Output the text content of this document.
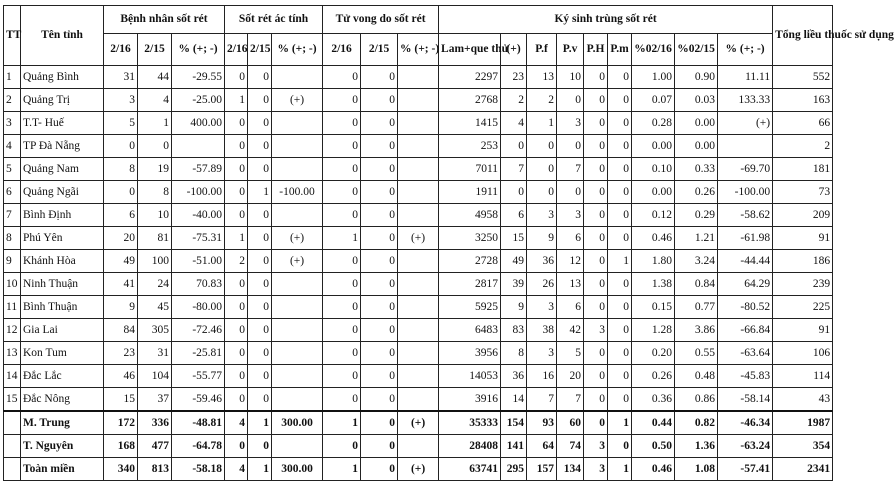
TT	Tên tỉnh	Bệnh nhân sốt rét			Sốt rét ác tính			Tử vong do sốt rét			Ký sinh trùng sốt rét									Tổng liều thuốc sử dụng
		2/16	2/15	% (+; -)	2/16	2/15	% (+; -)	2/16	2/15	% (+; -)	Lam+que thử	(+)	P.f	P.v	P.H	P.m	%02/16	%02/15	% (+; -)	
1	Quảng Bình	31	44	-29.55	0	0		0	0		2297	23	13	10	0	0	1.00	0.90	11.11	552
2	Quảng Trị	3	4	-25.00	1	0	(+)	0	0		2768	2	2	0	0	0	0.07	0.03	133.33	163
3	T.T- Huế	5	1	400.00	0	0		0	0		1415	4	1	3	0	0	0.28	0.00	(+)	66
4	TP Đà Nẵng	0	0		0	0		0	0		253	0	0	0	0	0	0.00	0.00		2
5	Quảng Nam	8	19	-57.89	0	0		0	0		7011	7	0	7	0	0	0.10	0.33	-69.70	181
6	Quảng Ngãi	0	8	-100.00	0	1	-100.00	0	0		1911	0	0	0	0	0	0.00	0.26	-100.00	73
7	Bình Định	6	10	-40.00	0	0		0	0		4958	6	3	3	0	0	0.12	0.29	-58.62	209
8	Phú Yên	20	81	-75.31	1	0	(+)	1	0	(+)	3250	15	9	6	0	0	0.46	1.21	-61.98	91
9	Khánh Hòa	49	100	-51.00	2	0	(+)	0	0		2728	49	36	12	0	1	1.80	3.24	-44.44	186
10	Ninh Thuận	41	24	70.83	0	0		0	0		2817	39	26	13	0	0	1.38	0.84	64.29	239
11	Bình Thuận	9	45	-80.00	0	0		0	0		5925	9	3	6	0	0	0.15	0.77	-80.52	225
12	Gia Lai	84	305	-72.46	0	0		0	0		6483	83	38	42	3	0	1.28	3.86	-66.84	91
13	Kon Tum	23	31	-25.81	0	0		0	0		3956	8	3	5	0	0	0.20	0.55	-63.64	106
14	Đắc Lắc	46	104	-55.77	0	0		0	0		14053	36	16	20	0	0	0.26	0.48	-45.83	114
15	Đắc Nông	15	37	-59.46	0	0		0	0		3916	14	7	7	0	0	0.36	0.86	-58.14	43
	M. Trung	172	336	-48.81	4	1	300.00	1	0	(+)	35333	154	93	60	0	1	0.44	0.82	-46.34	1987
	T. Nguyên	168	477	-64.78	0	0		0	0		28408	141	64	74	3	0	0.50	1.36	-63.24	354
	Toàn miền	340	813	-58.18	4	1	300.00	1	0	(+)	63741	295	157	134	3	1	0.46	1.08	-57.41	2341
